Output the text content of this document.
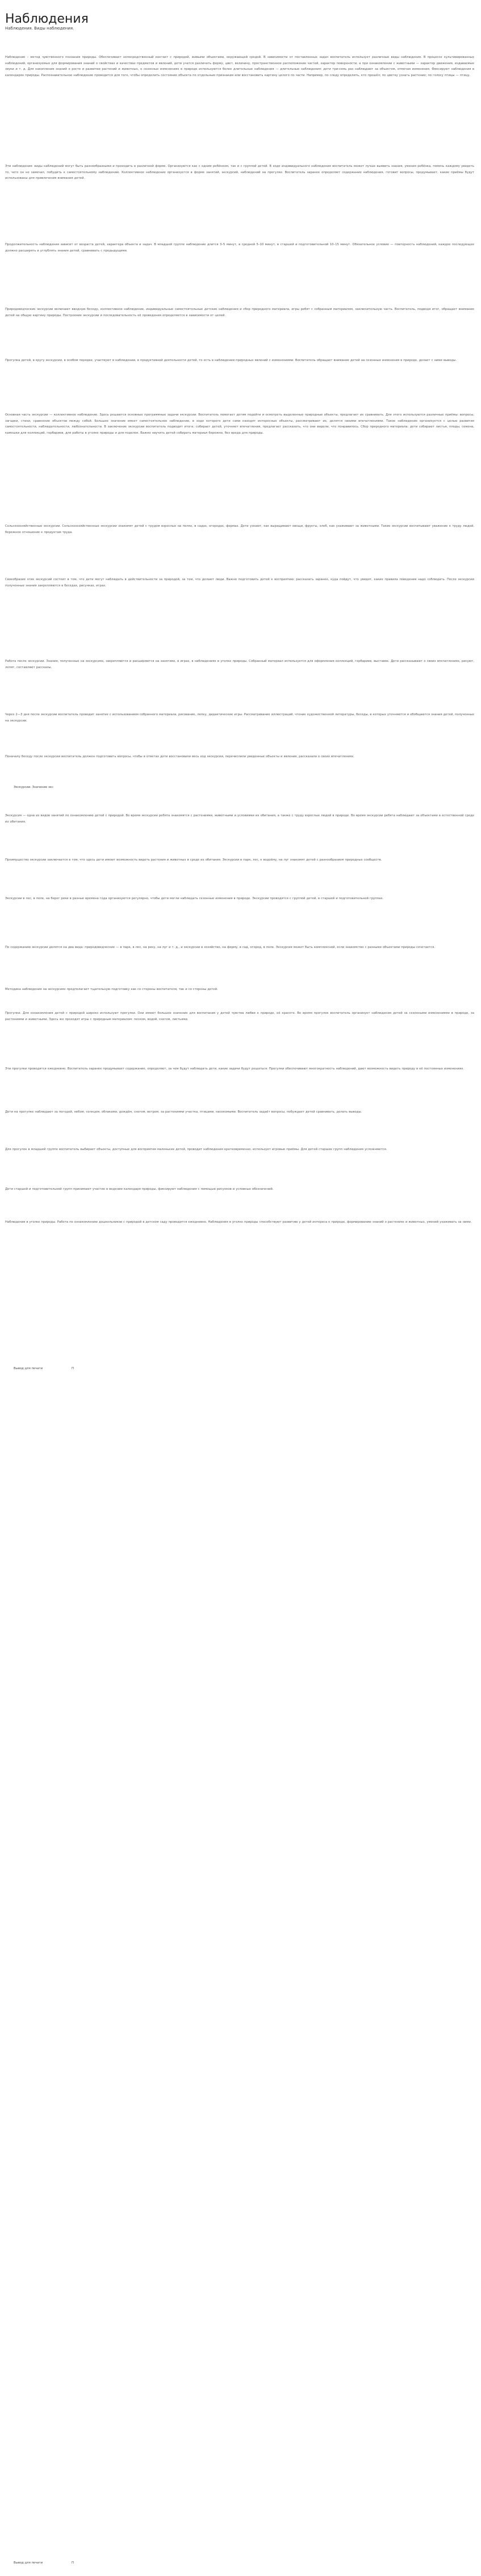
Наблюдения
Наблюдения. Виды наблюдения.

Наблюдение – метод чувственного познания природы. Обеспечивает непосредственный контакт с природой, живыми объектами, окружающей средой. В зависимости от поставленных задач воспитатель использует различные виды наблюдения. В процессе культивированных наблюдений, организуемых для формирования знаний о свойствах и качествах предметов и явлений, дети учатся различать форму, цвет, величину, пространственное расположение частей, характер поверхности, а при ознакомлении с животными — характер движения, издаваемые звуки и т. д. Для накопления знаний о росте и развитии растений и животных, о сезонных изменениях в природе используются более длительные наблюдения — длительные наблюдения: дети три-семь раз наблюдают за объектом, отмечая изменения. Фиксируют наблюдения в календарях природы. Распознавательное наблюдение проводится для того, чтобы определить состояние объекта по отдельным признакам или восстановить картину целого по части. Например, по следу определить, кто прошёл; по цветку узнать растение; по голосу птицы — птицу.

Эти наблюдения: виды наблюдений могут быть разнообразными и проходить в различной форме. Организуются как с одним ребёнком, так и с группой детей. В ходе индивидуального наблюдения воспитатель может лучше выявить знания, умения ребёнка, помочь каждому увидеть то, чего он не замечал, побудить к самостоятельному наблюдению. Коллективное наблюдение организуется в форме занятий, экскурсий, наблюдений на прогулке. Воспитатель заранее определяет содержание наблюдения, готовит вопросы, продумывает, какие приёмы будут использованы для привлечения внимания детей.

Продолжительность наблюдения зависит от возраста детей, характера объекта и задач. В младшей группе наблюдение длится 3–5 минут, в средней 5–10 минут, в старшей и подготовительной 10–15 минут. Обязательное условие — повторность наблюдений, каждое последующее должно расширять и углублять знания детей, сравнивать с предыдущими.

Природоведческие экскурсии включают вводную беседу, коллективное наблюдение, индивидуальные самостоятельные детские наблюдения и сбор природного материала, игры ребят с собранным материалом, заключительную часть. Воспитатель, подводя итог, обращает внимание детей на общую картину природы. Построение экскурсии и последовательность её проведения определяется в зависимости от целей.

Прогулка детей, в кругу экскурсии, в особом порядке, участвуют в наблюдении, в продуктивной деятельности детей, то есть в наблюдении природных явлений с изменениями. Воспитатель обращает внимание детей на сезонные изменения в природе, делает с ними выводы.

Основная часть экскурсии — коллективное наблюдение. Здесь решаются основные программные задачи экскурсии. Воспитатель помогает детям подойти и осмотреть выделенные природные объекты, предлагает их сравнивать. Для этого используются различные приёмы: вопросы, загадки, стихи, сравнение объектов между собой. Большое значение имеет самостоятельное наблюдение, в ходе которого дети сами находят интересные объекты, рассматривают их, делятся своими впечатлениями. Такое наблюдение организуется с целью развития самостоятельности, наблюдательности, любознательности. В заключение экскурсии воспитатель подводит итоги, собирает детей, уточняет впечатления, предлагает рассказать, что они видели, что понравилось. Сбор природного материала: дети собирают листья, плоды, семена, камешки для коллекций, гербариев, для работы в уголке природы и для поделок. Важно научить детей собирать материал бережно, без вреда для природы.

Сельскохозяйственные экскурсии. Сельскохозяйственные экскурсии знакомят детей с трудом взрослых на полях, в садах, огородах, фермах. Дети узнают, как выращивают овощи, фрукты, хлеб, как ухаживают за животными. Такие экскурсии воспитывают уважение к труду людей, бережное отношение к продуктам труда.

Своеобразие этих экскурсий состоит в том, что дети могут наблюдать в действительности за природой, за тем, что делают люди. Важно подготовить детей к восприятию: рассказать заранее, куда пойдут, что увидят, какие правила поведения надо соблюдать. После экскурсии полученные знания закрепляются в беседах, рисунках, играх.

Работа после экскурсии. Знания, полученные на экскурсиях, закрепляются и расширяются на занятиях, в играх, в наблюдениях в уголке природы. Собранный материал используется для оформления коллекций, гербариев, выставок. Дети рассказывают о своих впечатлениях, рисуют, лепят, составляют рассказы.

Через 2—3 дня после экскурсии воспитатель проводит занятие с использованием собранного материала, рисование, лепку, дидактические игры. Рассматривание иллюстраций, чтение художественной литературы, беседы, в которых уточняются и обобщаются знания детей, полученные на экскурсии.

Поначалу беседу после экскурсии воспитатель должен подготовить вопросы, чтобы в ответах дети восстановили весь ход экскурсии, перечислили увиденные объекты и явления, рассказали о своих впечатлениях.

Экскурсии. Значение экс

Экскурсия — одна из видов занятий по ознакомлению детей с природой. Во время экскурсии ребята знакомятся с растениями, животными и условиями их обитания, а также с труду взрослых людей в природе. Во время экскурсии ребята наблюдают за объектами в естественной среде их обитания.

Преимущество экскурсии заключается в том, что здесь дети имеют возможность видеть растения и животных в среде их обитания. Экскурсии в парк, лес, к водоёму, на луг знакомят детей с разнообразием природных сообществ.

Экскурсии в лес, в поле, на берег реки в разные времена года организуются регулярно, чтобы дети могли наблюдать сезонные изменения в природе. Экскурсии проводятся с группой детей, в старшей и подготовительной группах.

По содержанию экскурсии делятся на два вида: природоведческие — в парк, в лес, на реку, на луг и т. д., и экскурсии в хозяйство, на ферму, в сад, огород, в поле. Экскурсия может быть комплексной, если знакомство с разными объектами природы сочетается.

Методика наблюдения на экскурсиях предполагает тщательную подготовку как со стороны воспитателя, так и со стороны детей.

Прогулки. Для ознакомления детей с природой широко используют прогулки. Они имеют большое значение для воспитания у детей чувства любви к природе, её красоте. Во время прогулок воспитатель организует наблюдения детей за сезонными изменениями в природе, за растениями и животными. Здесь же проходят игры с природным материалом: песком, водой, снегом, листьями.

Эти прогулки проводятся ежедневно. Воспитатель заранее продумывает содержание, определяет, за чем будут наблюдать дети, какие задачи будут решаться. Прогулки обеспечивают многократность наблюдений, дают возможность видеть природу в её постоянных изменениях.

Дети на прогулке наблюдают за погодой, небом, солнцем, облаками, дождём, снегом, ветром, за растениями участка, птицами, насекомыми. Воспитатель задаёт вопросы, побуждает детей сравнивать, делать выводы.

Для прогулок в младшей группе воспитатель выбирает объекты, доступные для восприятия маленьких детей, проводит наблюдения кратковременно, использует игровые приёмы. Для детей старших групп наблюдения усложняются.

Дети старшей и подготовительной групп принимают участие в ведении календаря природы, фиксируют наблюдения с помощью рисунков и условных обозначений.

Наблюдения в уголке природы. Работа по ознакомлению дошкольников с природой в детском саду проводится ежедневно. Наблюдения в уголке природы способствуют развитию у детей интереса к природе, формированию знаний о растениях и животных, умений ухаживать за ними.

Вывод для печати	П
Вывод для печати	П
